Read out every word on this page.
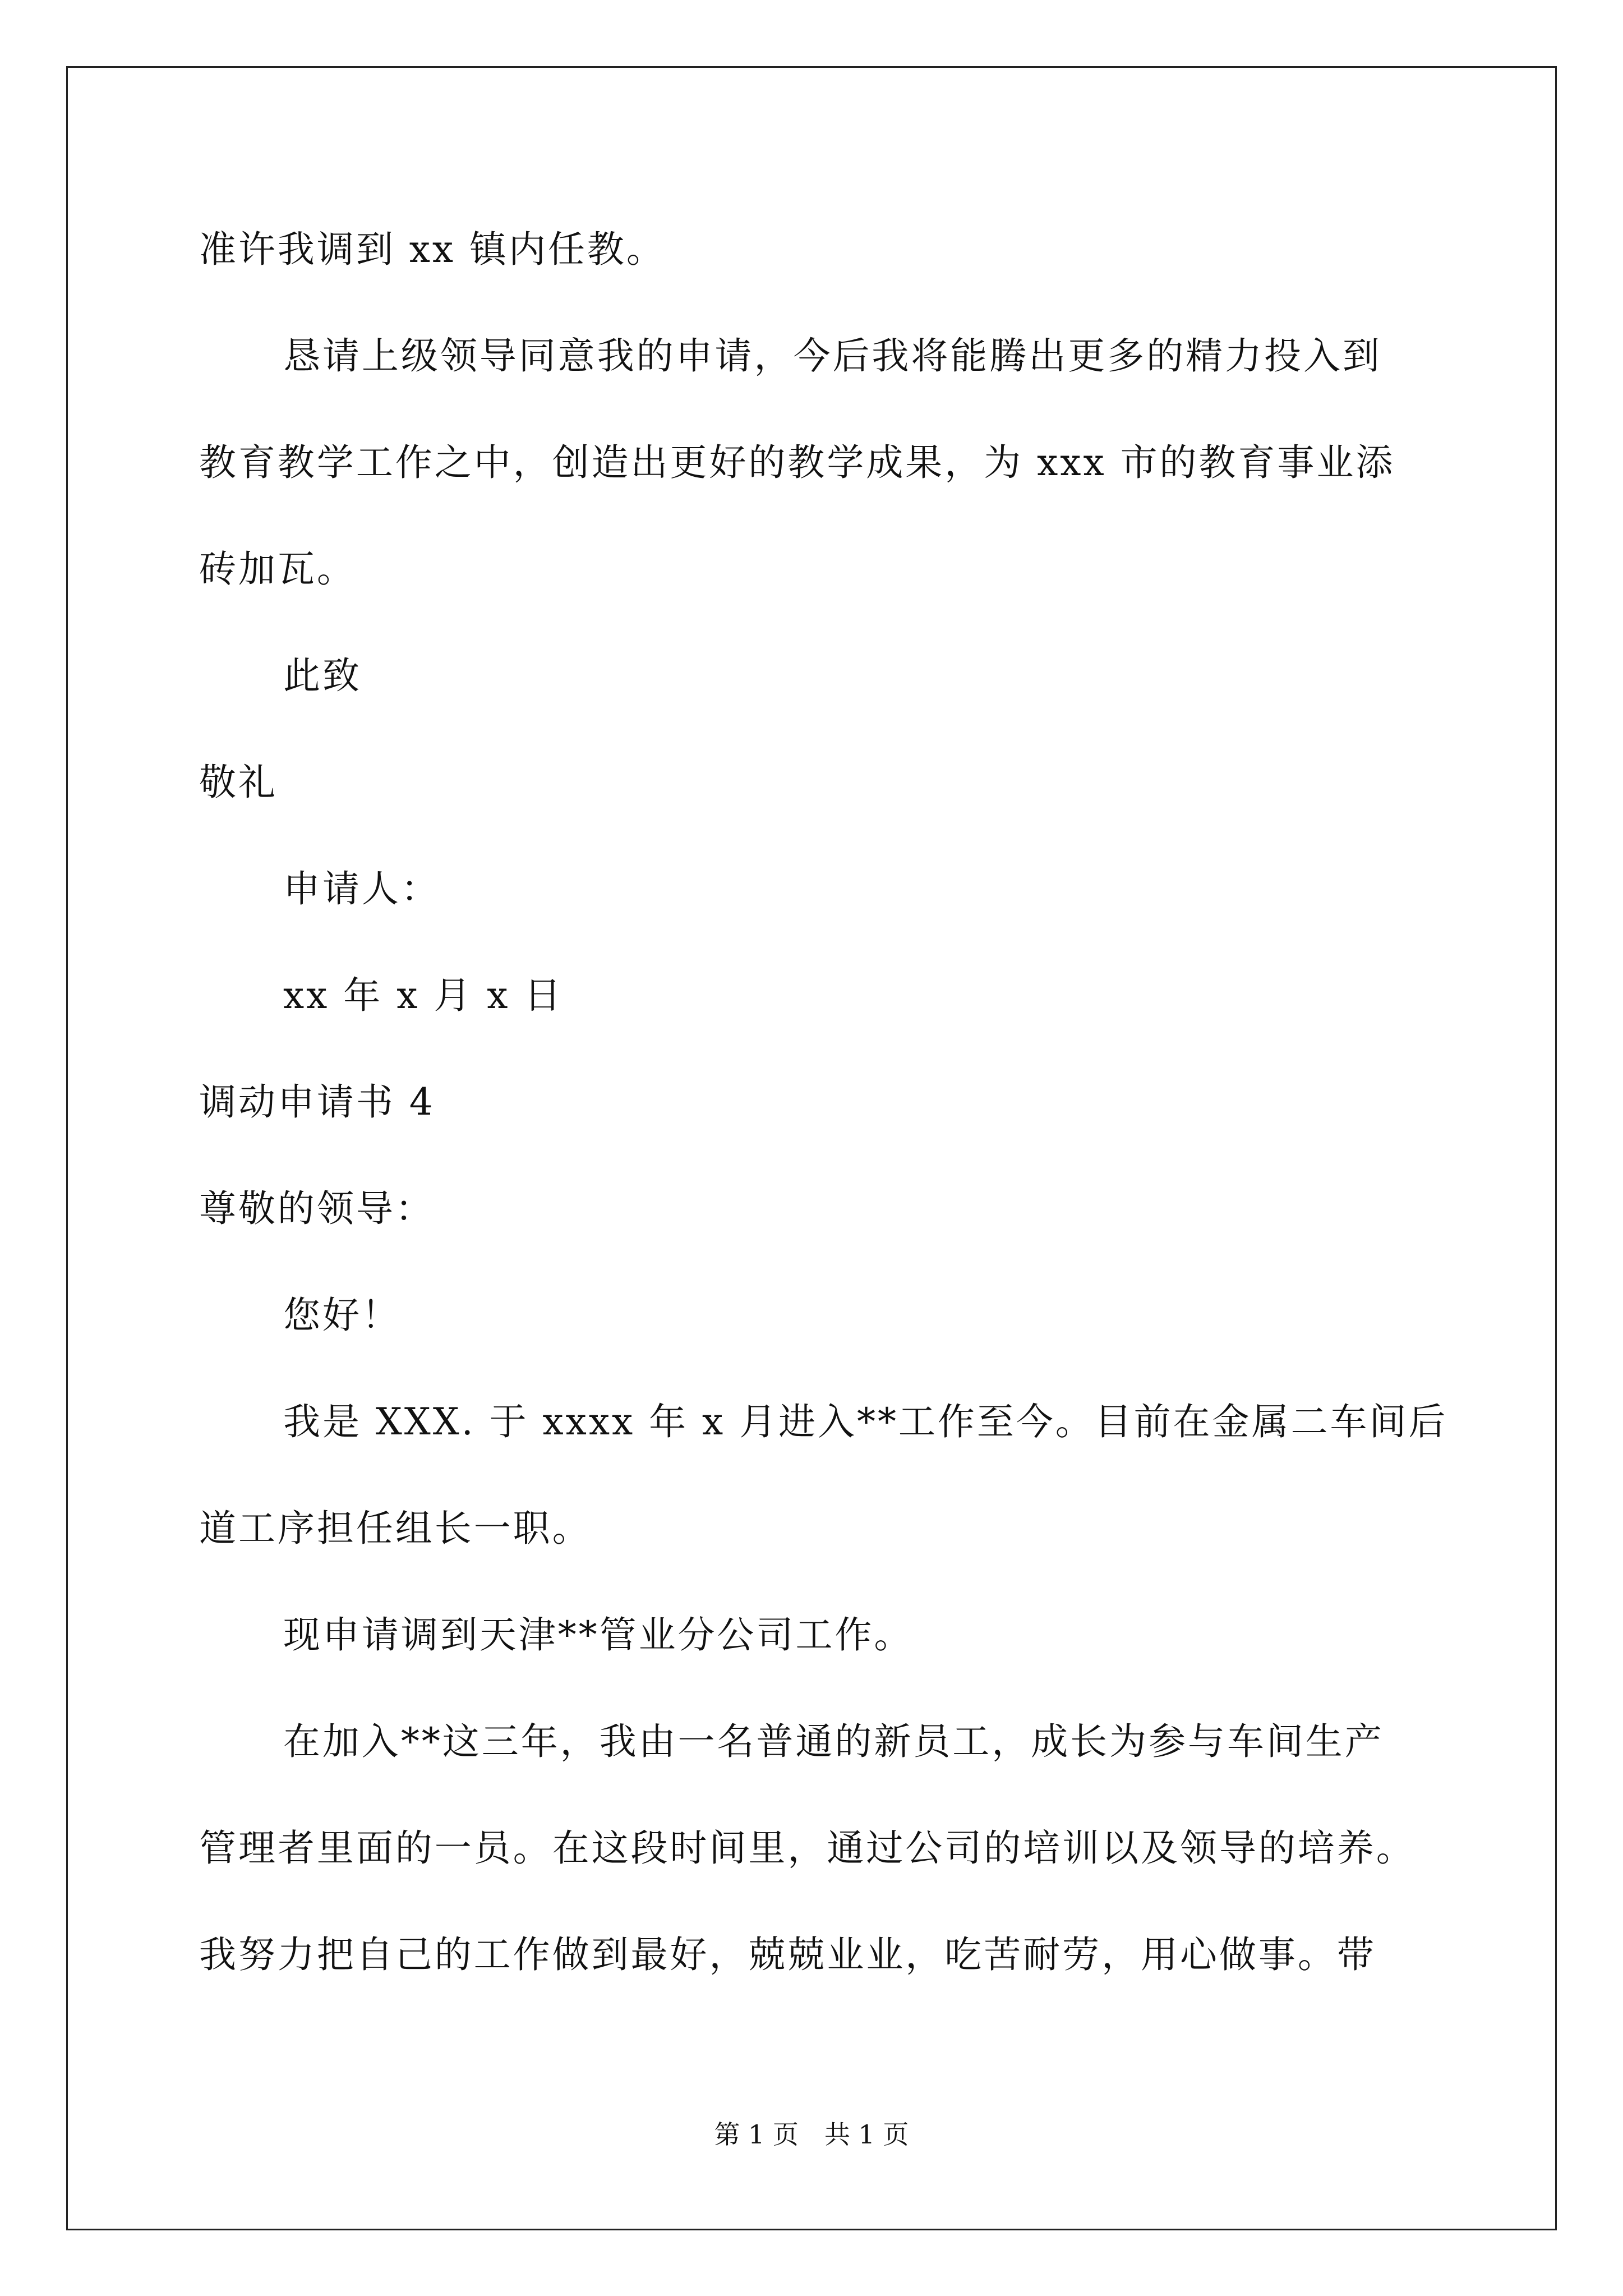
准许我调到 xx 镇内任教。
恳请上级领导同意我的申请，今后我将能腾出更多的精力投入到
教育教学工作之中，创造出更好的教学成果，为 xxx 市的教育事业添
砖加瓦。
此致
敬礼
申请人：
xx 年 x 月 x 日
调动申请书 4
尊敬的领导：
您好！
我是 XXX. 于 xxxx 年 x 月进入**工作至今。目前在金属二车间后
道工序担任组长一职。
现申请调到天津**管业分公司工作。
在加入**这三年，我由一名普通的新员工，成长为参与车间生产
管理者里面的一员。在这段时间里，通过公司的培训以及领导的培养。
我努力把自己的工作做到最好，兢兢业业，吃苦耐劳，用心做事。带
第 1 页　共 1 页
